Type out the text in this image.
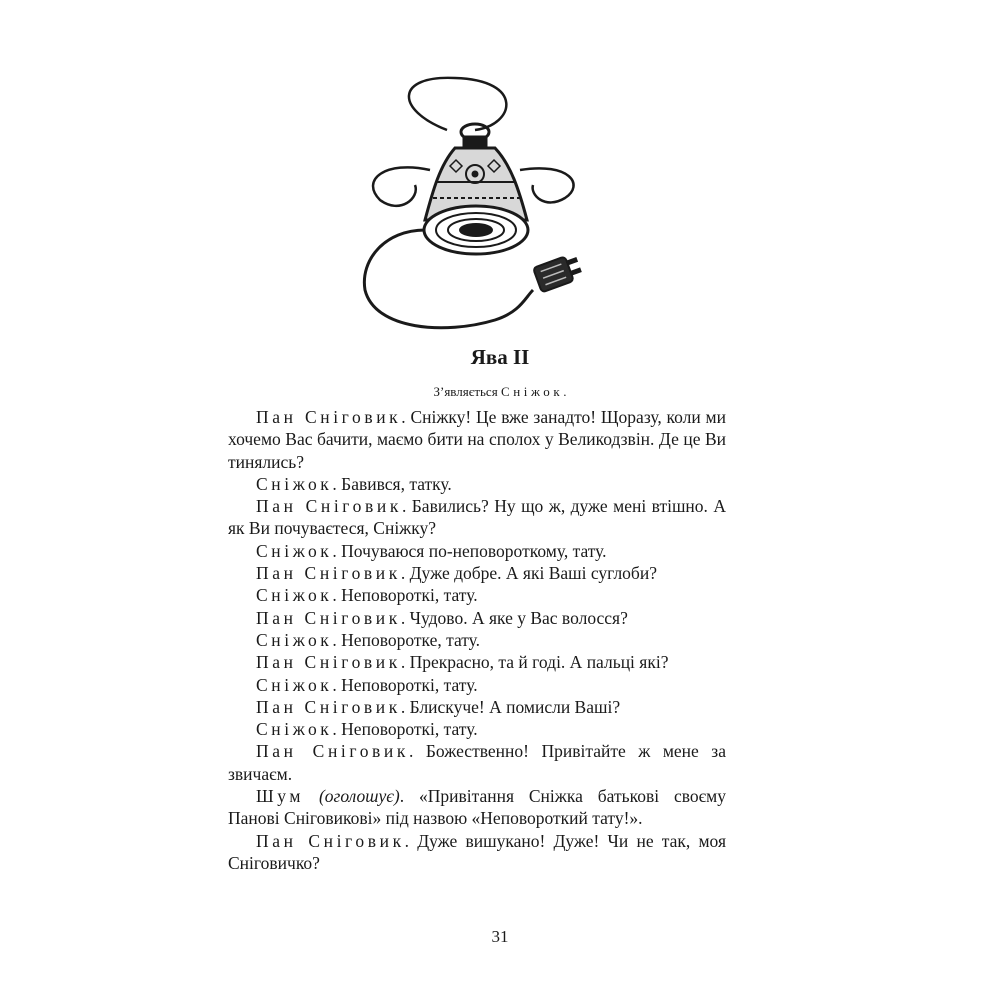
Ява II
З’являється Сніжок.

Пан Сніговик. Сніжку! Це вже занадто! Щоразу, коли ми хочемо Вас бачити, маємо бити на сполох у Великодзвін. Де це Ви тинялись?

Сніжок. Бавився, татку.

Пан Сніговик. Бавились? Ну що ж, дуже мені втішно. А як Ви почуваєтеся, Сніжку?

Сніжок. Почуваюся по-неповороткому, тату.

Пан Сніговик. Дуже добре. А які Ваші суглоби?

Сніжок. Неповороткі, тату.

Пан Сніговик. Чудово. А яке у Вас волосся?

Сніжок. Неповоротке, тату.

Пан Сніговик. Прекрасно, та й годі. А пальці які?

Сніжок. Неповороткі, тату.

Пан Сніговик. Блискуче! А помисли Ваші?

Сніжок. Неповороткі, тату.

Пан Сніговик. Божественно! Привітайте ж мене за звичаєм.

Шум (оголошує). «Привітання Сніжка батькові своєму Панові Сніговикові» під назвою «Неповороткий тату!».

Пан Сніговик. Дуже вишукано! Дуже! Чи не так, моя Сніговичко?

31
